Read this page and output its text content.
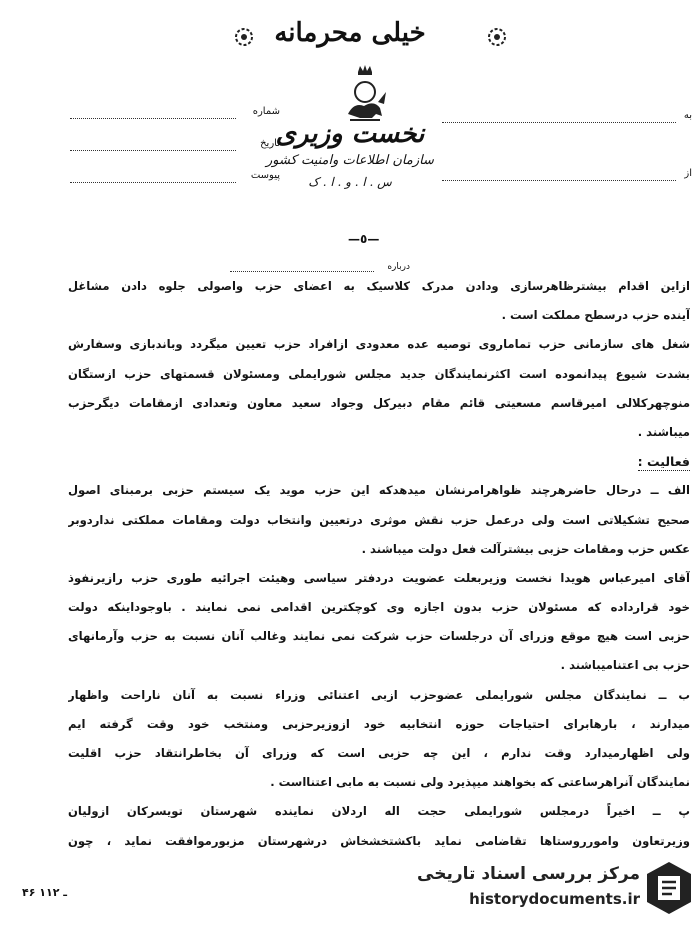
خیلی محرمانه
نخست وزیری
سازمان اطلاعات وامنیت کشور
س . ا . و . ا . ک
شماره
تاریخ
پیوست
به
از
—٥—
درباره

ازاین اقدام بیشترظاهرسازی ودادن مدرک کلاسیک به اعضای حزب واصولی جلوه دادن مشاغل
آینده حزب درسطح مملکت است .

شغل های سازمانی حزب تماماروی توصیه عده معدودی ازافراد حزب تعیین میگردد وباندبازی وسفارش
بشدت شیوع پیدانموده است اکثرنمایندگان جدید مجلس شورایملی ومسئولان قسمتهای حزب ازستگان
منوچهرکلالی امیرقاسم مسعیتی قائم مقام دبیرکل وجواد سعید معاون وتعدادی ازمقامات دیگرحزب
میباشند .

فعالیت :

الف ــ درحال حاضرهرچند ظواهرامرنشان میدهدکه این حزب موید یک سیستم حزبی برمبنای اصول
صحیح تشکیلاتی است ولی درعمل حزب نقش موثری درتعیین وانتخاب دولت ومقامات مملکتی نداردوبر
عکس حزب ومقامات حزبی بیشترآلت فعل دولت میباشند .

آقای امیرعباس هویدا نخست وزیربعلت عضویت دردفتر سیاسی وهیئت اجرائیه طوری حزب رازیرنفوذ
خود قرارداده که مسئولان حزب بدون اجازه وی کوچکترین اقدامی نمی نمایند . باوجوداینکه دولت
حزبی است هیچ موقع وزرای آن درجلسات حزب شرکت نمی نمایند وغالب آنان نسبت به حزب وآرمانهای
حزب بی اعتنامیباشند .

ب ــ نمایندگان مجلس شورایملی عضوحزب ازبی اعتنائی وزراء نسبت به آنان ناراحت واظهار
میدارند ، بارهابرای احتیاجات حوزه انتخابیه خود ازوزیرحزبی ومنتخب خود وقت گرفته ایم
ولی اظهارمیدارد وقت ندارم ، این چه حزبی است که وزرای آن بخاطرانتقاد حزب اقلیت
نمایندگان آنراهرساعتی که بخواهند میپذیرد ولی نسبت به مابی اعتنااست .

پ ــ اخیراً درمجلس شورایملی حجت اله اردلان نماینده شهرستان تویسرکان ازولیان
وزیرتعاون وامورروستاها تقاضامی نماید باکشتخشخاش درشهرستان مزبورموافقت نماید ، چون

۴۶ ـ ۱۱۲
مرکز بررسی اسناد تاریخی
historydocuments.ir
